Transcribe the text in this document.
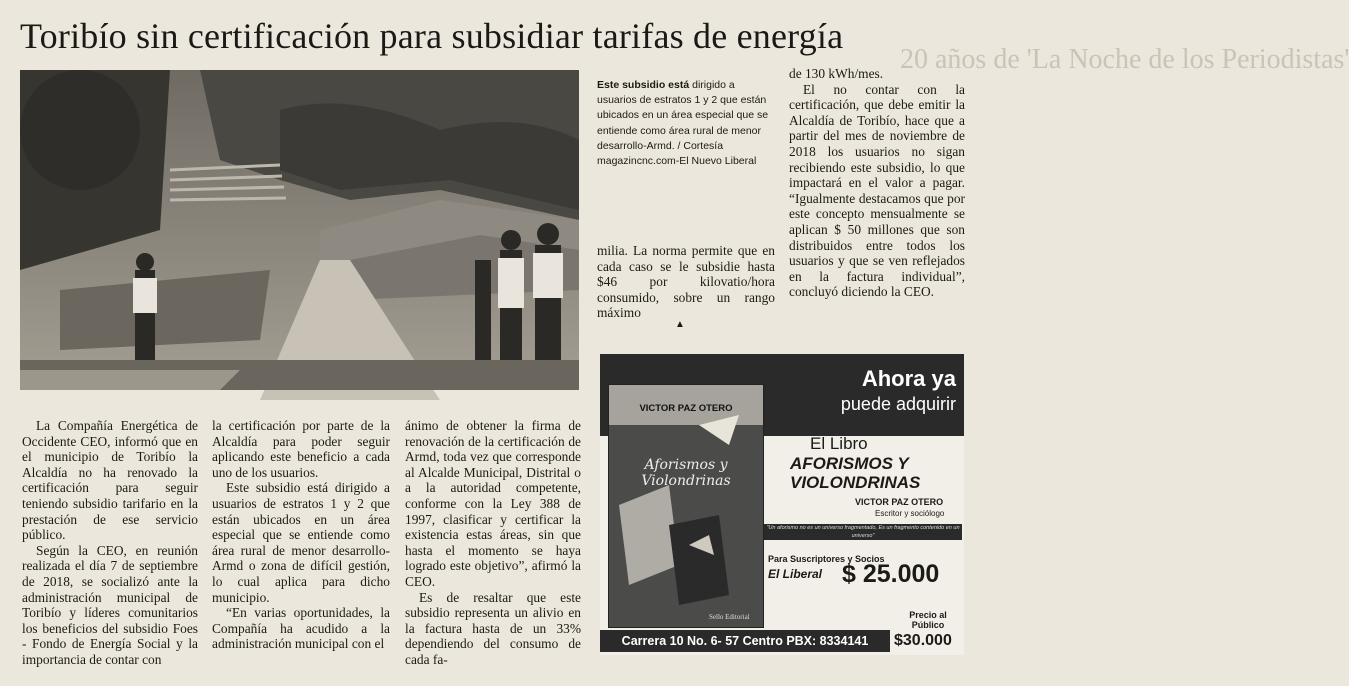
Toribío sin certificación para subsidiar tarifas de energía
20 años de 'La Noche de los Periodistas'
Este subsidio está dirigido a usuarios de estratos 1 y 2 que están ubicados en un área especial que se entiende como área rural de menor desarrollo-Armd. / Cortesía magazincnc.com-El Nuevo Liberal

La Compañía Energética de Occidente CEO, informó que en el municipio de Toribío la Alcaldía no ha renovado la certificación para seguir teniendo subsidio tarifario en la prestación de ese servicio público.

Según la CEO, en reunión realizada el día 7 de septiembre de 2018, se socializó ante la administración municipal de Toribío y líderes comunitarios los beneficios del subsidio Foes - Fondo de Energía Social y la importancia de contar con

la certificación por parte de la Alcaldía para poder seguir aplicando este beneficio a cada uno de los usuarios.

Este subsidio está dirigido a usuarios de estratos 1 y 2 que están ubicados en un área especial que se entiende como área rural de menor desarrollo-Armd o zona de difícil gestión, lo cual aplica para dicho municipio.

“En varias oportunidades, la Compañía ha acudido a la administración municipal con el

ánimo de obtener la firma de renovación de la certificación de Armd, toda vez que corresponde al Alcalde Municipal, Distrital o a la autoridad competente, conforme con la Ley 388 de 1997, clasificar y certificar la existencia estas áreas, sin que hasta el momento se haya logrado este objetivo”, afirmó la CEO.

Es de resaltar que este subsidio representa un alivio en la factura hasta de un 33% dependiendo del consumo de cada fa-

milia. La norma permite que en cada caso se le subsidie hasta $46 por kilovatio/hora consumido, sobre un rango máximo

de 130 kWh/mes.

El no contar con la certificación, que debe emitir la Alcaldía de Toribío, hace que a partir del mes de noviembre de 2018 los usuarios no sigan recibiendo este subsidio, lo que impactará en el valor a pagar. “Igualmente destacamos que por este concepto mensualmente se aplican $ 50 millones que son distribuidos entre todos los usuarios y que se ven reflejados en la factura individual”, concluyó diciendo la CEO.

▲
Ahora ya
puede adquirir
VICTOR PAZ OTERO
Aforismos y Violondrinas
Sello Editorial
El Libro
AFORISMOS Y VIOLONDRINAS
VICTOR PAZ OTERO
Escritor y sociólogo
"Un aforismo no es un universo fragmentado, Es un fragmento contenido en un universo"
Para Suscriptores y Socios
El Liberal $ 25.000
Precio al Público
$30.000
Carrera 10 No. 6- 57 Centro PBX: 8334141
